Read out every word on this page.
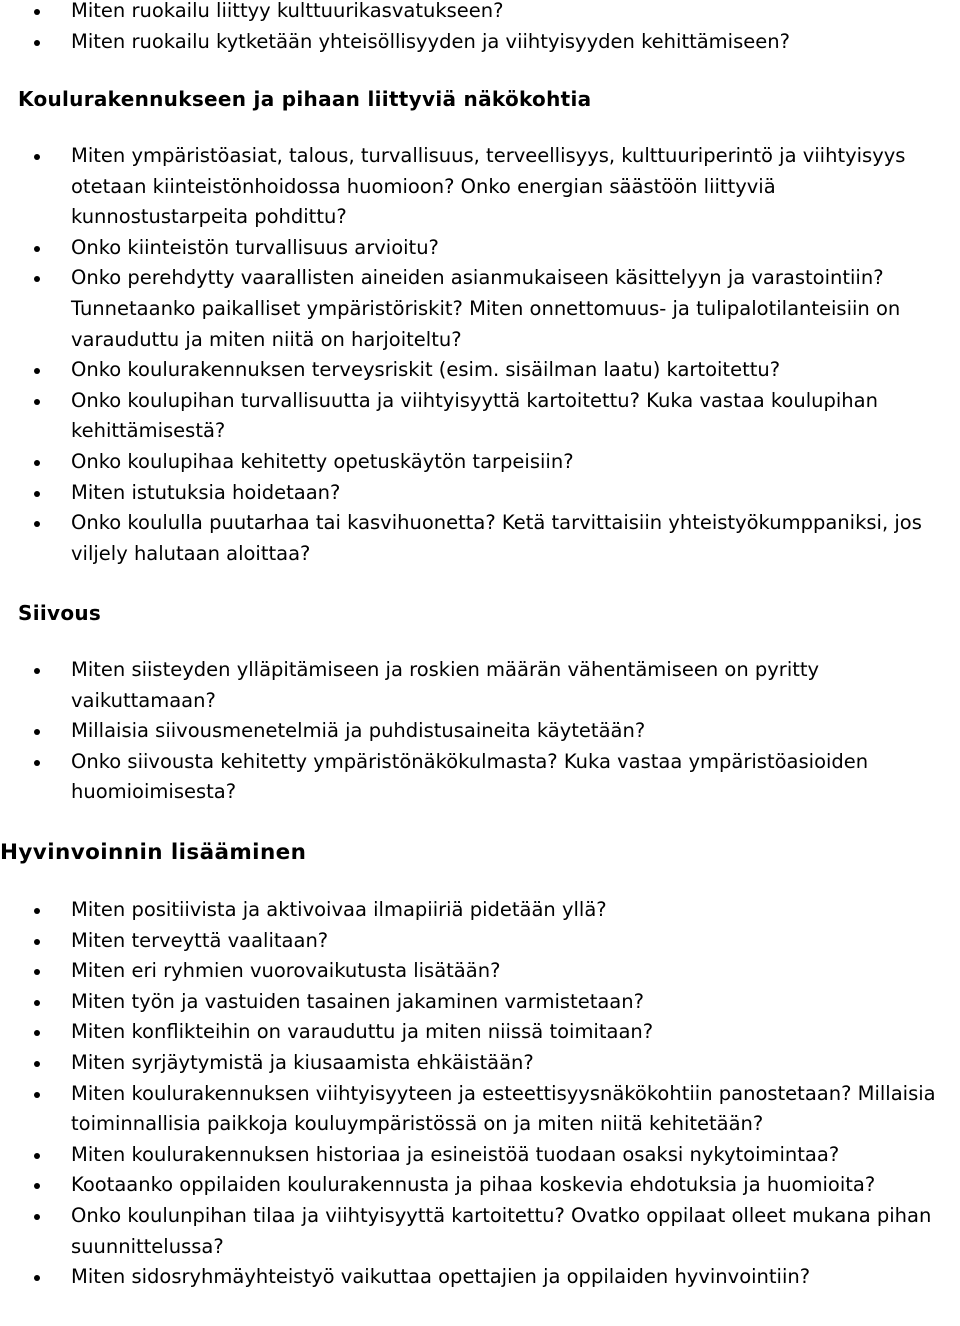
Miten ruokailu liittyy kulttuurikasvatukseen?
Miten ruokailu kytketään yhteisöllisyyden ja viihtyisyyden kehittämiseen?
Koulurakennukseen ja pihaan liittyviä näkökohtia
Miten ympäristöasiat, talous, turvallisuus, terveellisyys, kulttuuriperintö ja viihtyisyys otetaan kiinteistönhoidossa huomioon? Onko energian säästöön liittyviä kunnostustarpeita pohdittu?
Onko kiinteistön turvallisuus arvioitu?
Onko perehdytty vaarallisten aineiden asianmukaiseen käsittelyyn ja varastointiin? Tunnetaanko paikalliset ympäristöriskit? Miten onnettomuus- ja tulipalotilanteisiin on varauduttu ja miten niitä on harjoiteltu?
Onko koulurakennuksen terveysriskit (esim. sisäilman laatu) kartoitettu?
Onko koulupihan turvallisuutta ja viihtyisyyttä kartoitettu? Kuka vastaa koulupihan kehittämisestä?
Onko koulupihaa kehitetty opetuskäytön tarpeisiin?
Miten istutuksia hoidetaan?
Onko koululla puutarhaa tai kasvihuonetta? Ketä tarvittaisiin yhteistyökumppaniksi, jos viljely halutaan aloittaa?
Siivous
Miten siisteyden ylläpitämiseen ja roskien määrän vähentämiseen on pyritty vaikuttamaan?
Millaisia siivousmenetelmiä ja puhdistusaineita käytetään?
Onko siivousta kehitetty ympäristönäkökulmasta? Kuka vastaa ympäristöasioiden huomioimisesta?
Hyvinvoinnin lisääminen
Miten positiivista ja aktivoivaa ilmapiiriä pidetään yllä?
Miten terveyttä vaalitaan?
Miten eri ryhmien vuorovaikutusta lisätään?
Miten työn ja vastuiden tasainen jakaminen varmistetaan?
Miten konflikteihin on varauduttu ja miten niissä toimitaan?
Miten syrjäytymistä ja kiusaamista ehkäistään?
Miten koulurakennuksen viihtyisyyteen ja esteettisyysnäkökohtiin panostetaan? Millaisia toiminnallisia paikkoja kouluympäristössä on ja miten niitä kehitetään?
Miten koulurakennuksen historiaa ja esineistöä tuodaan osaksi nykytoimintaa?
Kootaanko oppilaiden koulurakennusta ja pihaa koskevia ehdotuksia ja huomioita?
Onko koulunpihan tilaa ja viihtyisyyttä kartoitettu? Ovatko oppilaat olleet mukana pihan suunnittelussa?
Miten sidosryhmäyhteistyö vaikuttaa opettajien ja oppilaiden hyvinvointiin?
